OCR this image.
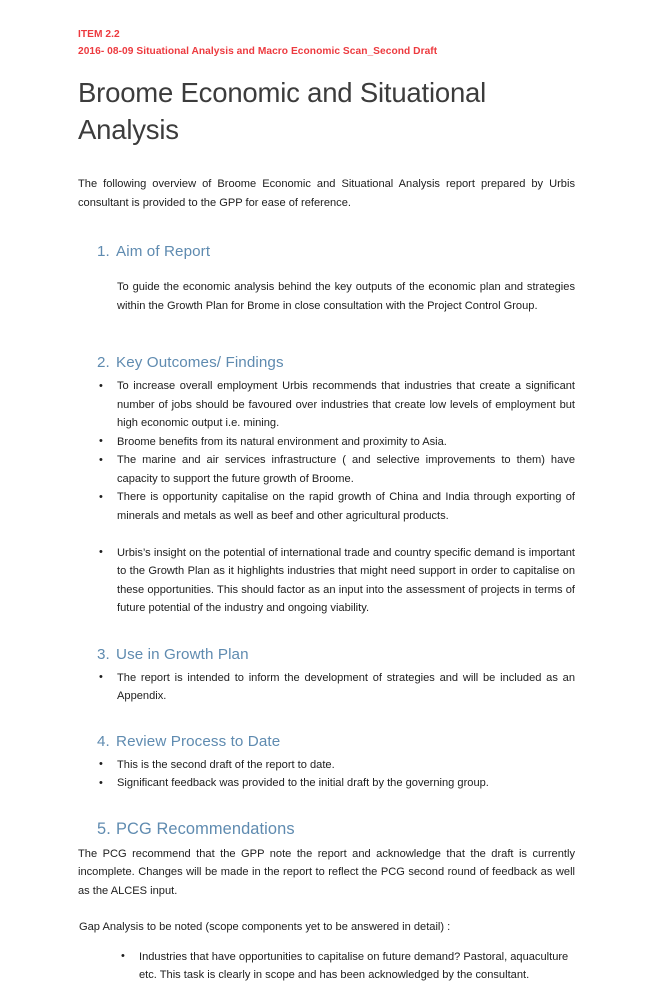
ITEM 2.2
2016- 08-09 Situational Analysis and Macro Economic Scan_Second Draft
Broome Economic and Situational Analysis

The following overview of Broome Economic and Situational Analysis report prepared by Urbis consultant is provided to the GPP for ease of reference.

1. Aim of Report

To guide the economic analysis behind the key outputs of the economic plan and strategies within the Growth Plan for Brome in close consultation with the Project Control Group.

2. Key Outcomes/ Findings
• To increase overall employment Urbis recommends that industries that create a significant number of jobs should be favoured over industries that create low levels of employment but high economic output i.e. mining.
• Broome benefits from its natural environment and proximity to Asia.
• The marine and air services infrastructure ( and selective improvements to them) have capacity to support the future growth of Broome.
• There is opportunity capitalise on the rapid growth of China and India through exporting of minerals and metals as well as beef and other agricultural products.
• Urbis’s insight on the potential of international trade and country specific demand is important to the Growth Plan as it highlights industries that might need support in order to capitalise on these opportunities. This should factor as an input into the assessment of projects in terms of future potential of the industry and ongoing viability.
3. Use in Growth Plan
• The report is intended to inform the development of strategies and will be included as an Appendix.
4. Review Process to Date
• This is the second draft of the report to date.
• Significant feedback was provided to the initial draft by the governing group.
5. PCG Recommendations

The PCG recommend that the GPP note the report and acknowledge that the draft is currently incomplete. Changes will be made in the report to reflect the PCG second round of feedback as well as the ALCES input.

Gap Analysis to be noted (scope components yet to be answered in detail) :

• Industries that have opportunities to capitalise on future demand? Pastoral, aquaculture etc. This task is clearly in scope and has been acknowledged by the consultant.
